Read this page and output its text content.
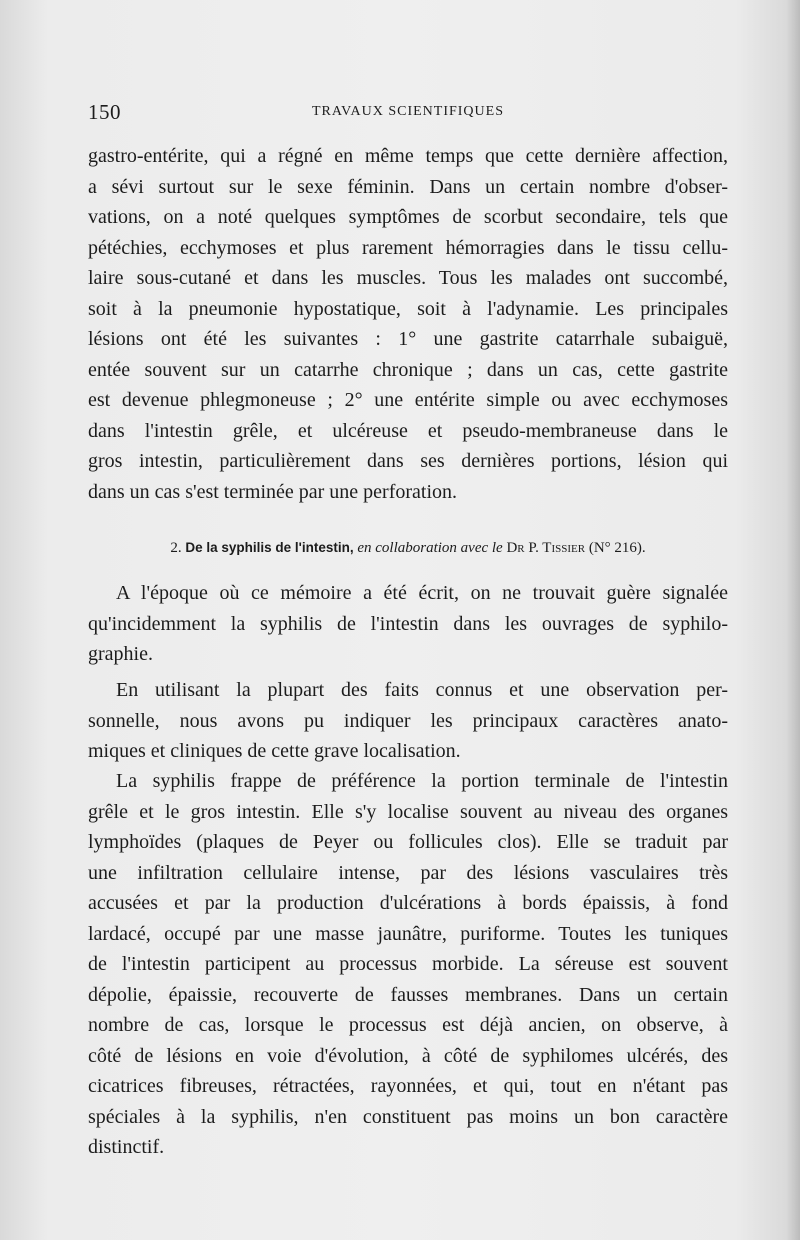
150	TRAVAUX SCIENTIFIQUES
gastro-entérite, qui a régné en même temps que cette dernière affection,
a sévi surtout sur le sexe féminin. Dans un certain nombre d'obser-
vations, on a noté quelques symptômes de scorbut secondaire, tels que
pétéchies, ecchymoses et plus rarement hémorragies dans le tissu cellu-
laire sous-cutané et dans les muscles. Tous les malades ont succombé,
soit à la pneumonie hypostatique, soit à l'adynamie. Les principales
lésions ont été les suivantes : 1° une gastrite catarrhale subaiguë,
entée souvent sur un catarrhe chronique ; dans un cas, cette gastrite
est devenue phlegmoneuse ; 2° une entérite simple ou avec ecchymoses
dans l'intestin grêle, et ulcéreuse et pseudo-membraneuse dans le
gros intestin, particulièrement dans ses dernières portions, lésion qui
dans un cas s'est terminée par une perforation.
2. De la syphilis de l'intestin, en collaboration avec le Dr P. Tissier (N° 216).
A l'époque où ce mémoire a été écrit, on ne trouvait guère signalée
qu'incidemment la syphilis de l'intestin dans les ouvrages de syphilo-
graphie.
En utilisant la plupart des faits connus et une observation per-
sonnelle, nous avons pu indiquer les principaux caractères anato-
miques et cliniques de cette grave localisation.
La syphilis frappe de préférence la portion terminale de l'intestin
grêle et le gros intestin. Elle s'y localise souvent au niveau des organes
lymphoïdes (plaques de Peyer ou follicules clos). Elle se traduit par
une infiltration cellulaire intense, par des lésions vasculaires très
accusées et par la production d'ulcérations à bords épaissis, à fond
lardacé, occupé par une masse jaunâtre, puriforme. Toutes les tuniques
de l'intestin participent au processus morbide. La séreuse est souvent
dépolie, épaissie, recouverte de fausses membranes. Dans un certain
nombre de cas, lorsque le processus est déjà ancien, on observe, à
côté de lésions en voie d'évolution, à côté de syphilomes ulcérés, des
cicatrices fibreuses, rétractées, rayonnées, et qui, tout en n'étant pas
spéciales à la syphilis, n'en constituent pas moins un bon caractère
distinctif.
